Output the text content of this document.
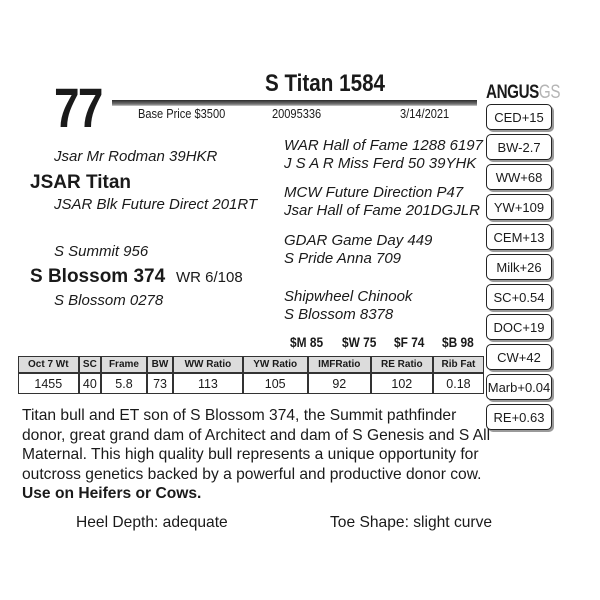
77	S Titan 1584
Base Price $3500	20095336	3/14/2021
ANGUSGS
Jsar Mr Rodman 39HKR
JSAR Titan
JSAR Blk Future Direct 201RT
S Summit 956
S Blossom 374 WR 6/108
S Blossom 0278
WAR Hall of Fame 1288 6197
J S A R Miss Ferd 50 39YHK
MCW Future Direction P47
Jsar Hall of Fame 201DGJLR
GDAR Game Day 449
S Pride Anna 709
Shipwheel Chinook
S Blossom 8378
CED+15
BW-2.7
WW+68
YW+109
CEM+13
Milk+26
SC+0.54
DOC+19
CW+42
Marb+0.04
RE+0.63
$M 85 $W 75 $F 74 $B 98
Oct 7 Wt	SC	Frame	BW	WW Ratio	YW Ratio	IMFRatio	RE Ratio	Rib Fat
1455	40	5.8	73	113	105	92	102	0.18
Titan bull and ET son of S Blossom 374, the Summit pathfinder donor, great grand dam of Architect and dam of S Genesis and S All Maternal. This high quality bull represents a unique opportunity for outcross genetics backed by a powerful and productive donor cow. Use on Heifers or Cows.
Heel Depth: adequate	Toe Shape: slight curve
